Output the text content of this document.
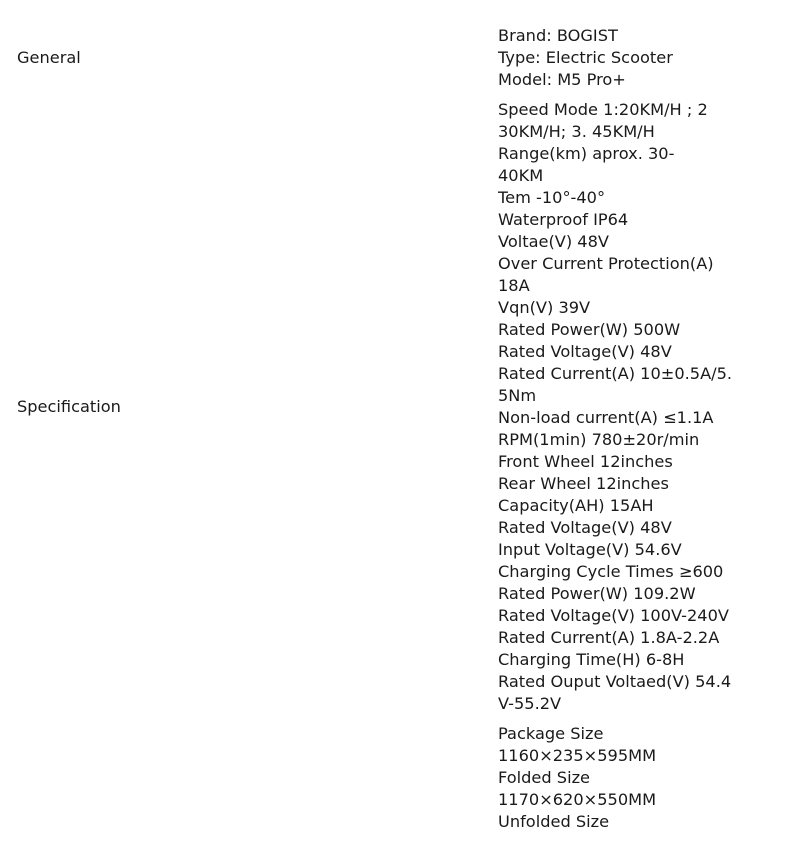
General
Brand: BOGIST
Type: Electric Scooter
Model: M5 Pro+
Specification
Speed Mode 1:20KM/H ; 2
30KM/H; 3. 45KM/H
Range(km) aprox. 30-
40KM
Tem -10°-40°
Waterproof IP64
Voltae(V) 48V
Over Current Protection(A)
18A
Vqn(V) 39V
Rated Power(W) 500W
Rated Voltage(V) 48V
Rated Current(A) 10±0.5A/5.
5Nm
Non-load current(A) ≤1.1A
RPM(1min) 780±20r/min
Front Wheel 12inches
Rear Wheel 12inches
Capacity(AH) 15AH
Rated Voltage(V) 48V
Input Voltage(V) 54.6V
Charging Cycle Times ≥600
Rated Power(W) 109.2W
Rated Voltage(V) 100V-240V
Rated Current(A) 1.8A-2.2A
Charging Time(H) 6-8H
Rated Ouput Voltaed(V) 54.4
V-55.2V
Package Size
1160×235×595MM
Folded Size
1170×620×550MM
Unfolded Size
